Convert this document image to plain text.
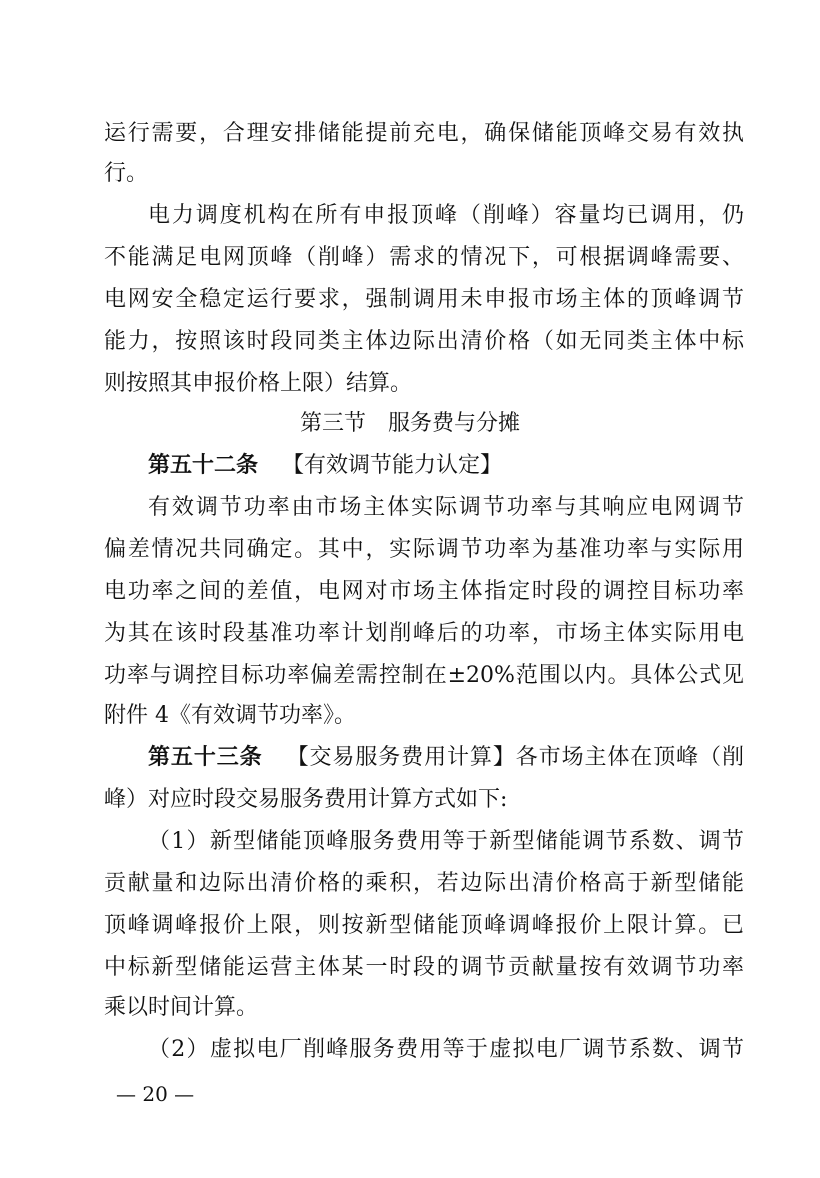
运行需要，合理安排储能提前充电，确保储能顶峰交易有效执
行。
电力调度机构在所有申报顶峰（削峰）容量均已调用，仍
不能满足电网顶峰（削峰）需求的情况下，可根据调峰需要、
电网安全稳定运行要求，强制调用未申报市场主体的顶峰调节
能力，按照该时段同类主体边际出清价格（如无同类主体中标
则按照其申报价格上限）结算。
第三节　服务费与分摊
第五十二条 【有效调节能力认定】
有效调节功率由市场主体实际调节功率与其响应电网调节
偏差情况共同确定。其中，实际调节功率为基准功率与实际用
电功率之间的差值，电网对市场主体指定时段的调控目标功率
为其在该时段基准功率计划削峰后的功率，市场主体实际用电
功率与调控目标功率偏差需控制在±20%范围以内。具体公式见
附件 4《有效调节功率》。
第五十三条 【交易服务费用计算】各市场主体在顶峰（削
峰）对应时段交易服务费用计算方式如下:
（1）新型储能顶峰服务费用等于新型储能调节系数、调节
贡献量和边际出清价格的乘积，若边际出清价格高于新型储能
顶峰调峰报价上限，则按新型储能顶峰调峰报价上限计算。已
中标新型储能运营主体某一时段的调节贡献量按有效调节功率
乘以时间计算。
（2）虚拟电厂削峰服务费用等于虚拟电厂调节系数、调节
— 20 —
